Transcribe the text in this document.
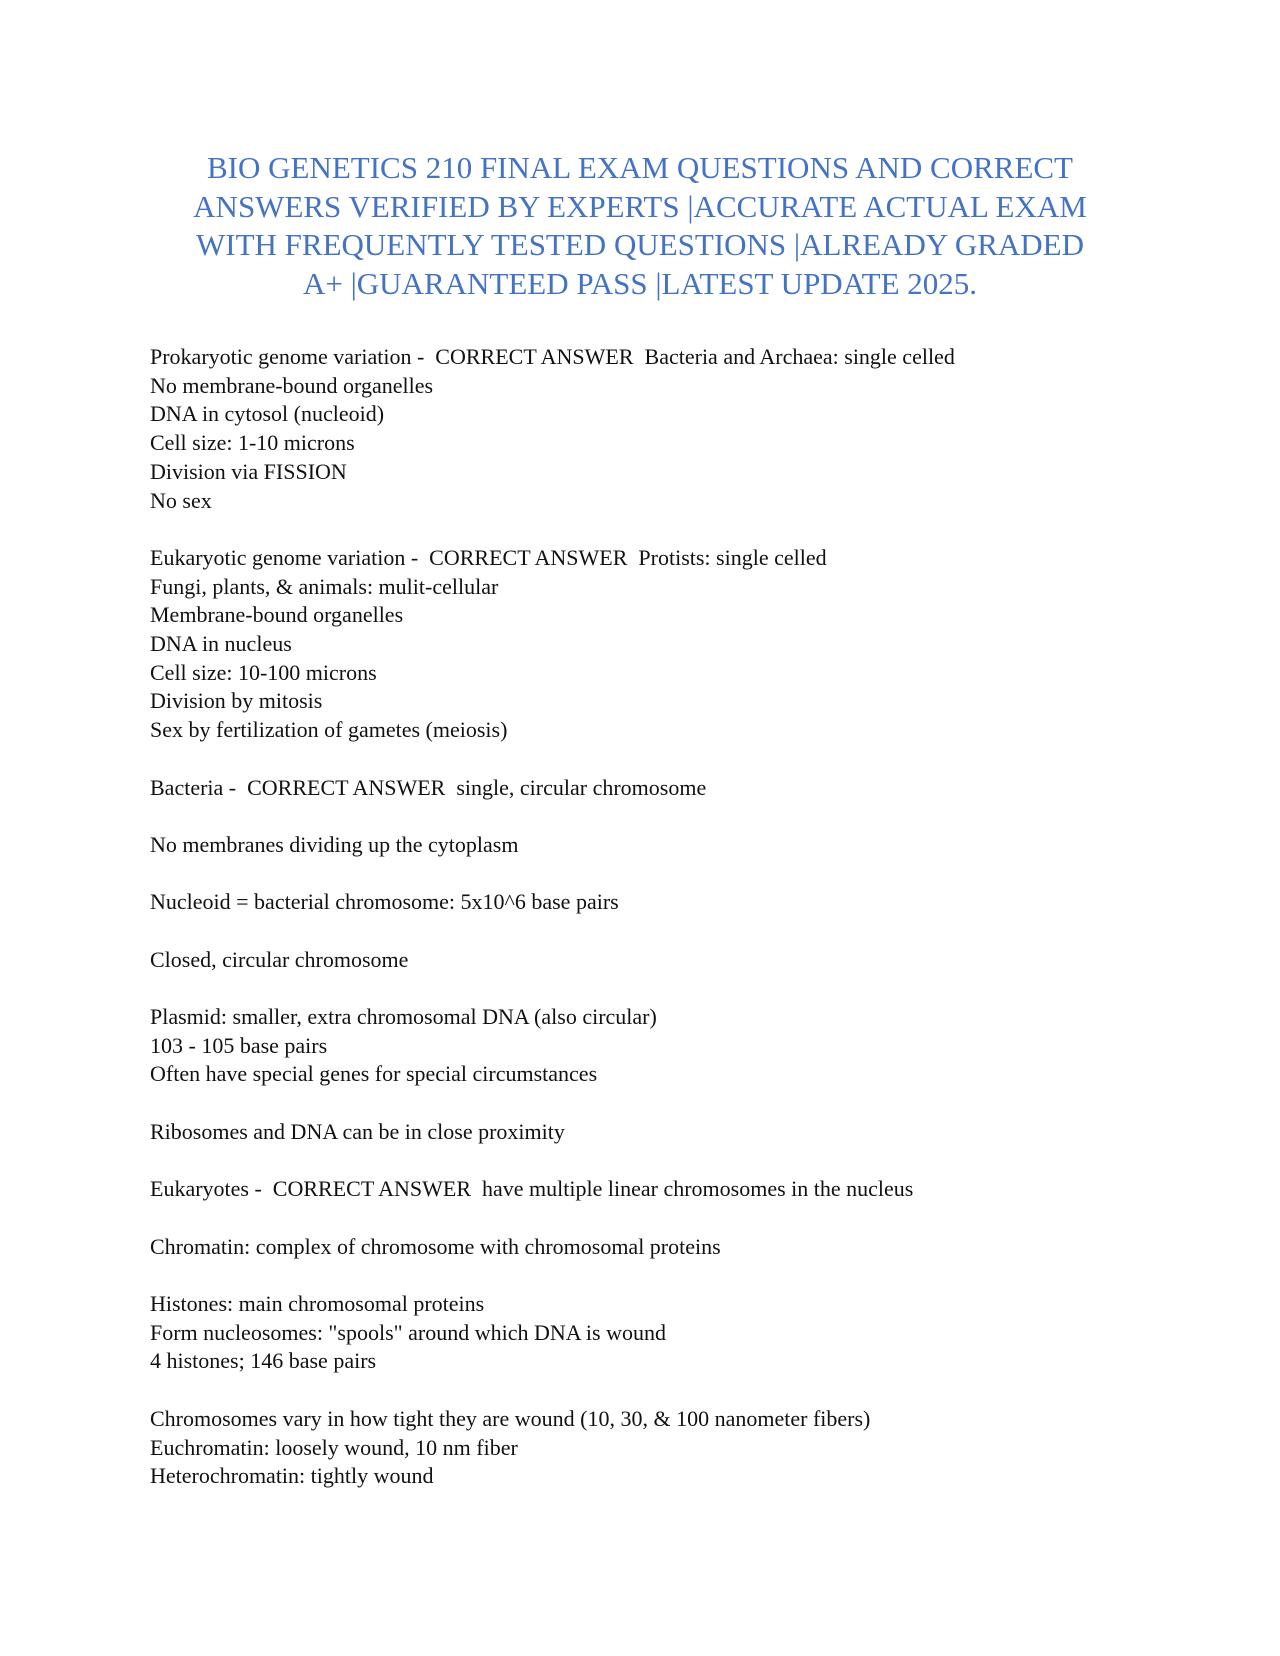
BIO GENETICS 210 FINAL EXAM QUESTIONS AND CORRECT
ANSWERS VERIFIED BY EXPERTS |ACCURATE ACTUAL EXAM
WITH FREQUENTLY TESTED QUESTIONS |ALREADY GRADED
A+ |GUARANTEED PASS |LATEST UPDATE 2025.
Prokaryotic genome variation -  CORRECT ANSWER  Bacteria and Archaea: single celled
No membrane-bound organelles
DNA in cytosol (nucleoid)
Cell size: 1-10 microns
Division via FISSION
No sex
Eukaryotic genome variation -  CORRECT ANSWER  Protists: single celled
Fungi, plants, & animals: mulit-cellular
Membrane-bound organelles
DNA in nucleus
Cell size: 10-100 microns
Division by mitosis
Sex by fertilization of gametes (meiosis)
Bacteria -  CORRECT ANSWER  single, circular chromosome
No membranes dividing up the cytoplasm
Nucleoid = bacterial chromosome: 5x10^6 base pairs
Closed, circular chromosome
Plasmid: smaller, extra chromosomal DNA (also circular)
103 - 105 base pairs
Often have special genes for special circumstances
Ribosomes and DNA can be in close proximity
Eukaryotes -  CORRECT ANSWER  have multiple linear chromosomes in the nucleus
Chromatin: complex of chromosome with chromosomal proteins
Histones: main chromosomal proteins
Form nucleosomes: "spools" around which DNA is wound
4 histones; 146 base pairs
Chromosomes vary in how tight they are wound (10, 30, & 100 nanometer fibers)
Euchromatin: loosely wound, 10 nm fiber
Heterochromatin: tightly wound
